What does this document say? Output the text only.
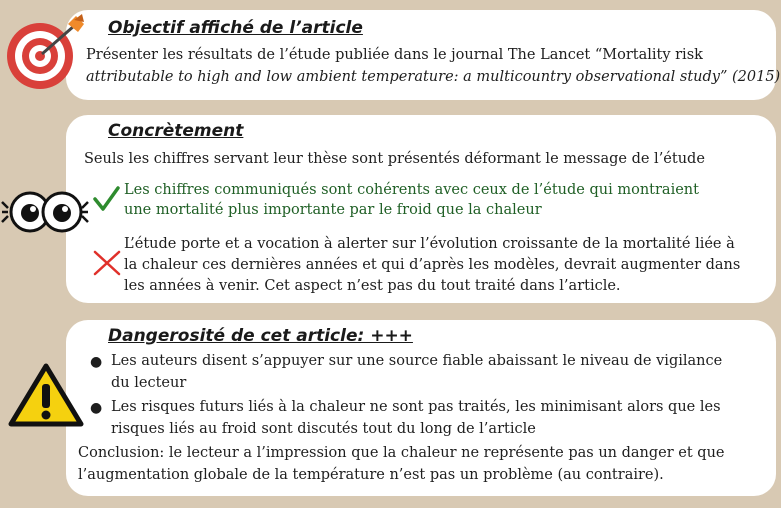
Objectif affiché de l’article
Présenter les résultats de l’étude publiée dans le journal The Lancet “Mortality risk
attributable to high and low ambient temperature: a multicountry observational study” (2015)
Concrètement
Seuls les chiffres servant leur thèse sont présentés déformant le message de l’étude
Les chiffres communiqués sont cohérents avec ceux de l’étude qui montraient
une mortalité plus importante par le froid que la chaleur
L’étude porte et a vocation à alerter sur l’évolution croissante de la mortalité liée à
la chaleur ces dernières années et qui d’après les modèles, devrait augmenter dans
les années à venir. Cet aspect n’est pas du tout traité dans l’article.
Dangerosité de cet article: +++
● Les auteurs disent s’appuyer sur une source fiable abaissant le niveau de vigilance
du lecteur
● Les risques futurs liés à la chaleur ne sont pas traités, les minimisant alors que les
risques liés au froid sont discutés tout du long de l’article
Conclusion: le lecteur a l’impression que la chaleur ne représente pas un danger et que
l’augmentation globale de la température n’est pas un problème (au contraire).
